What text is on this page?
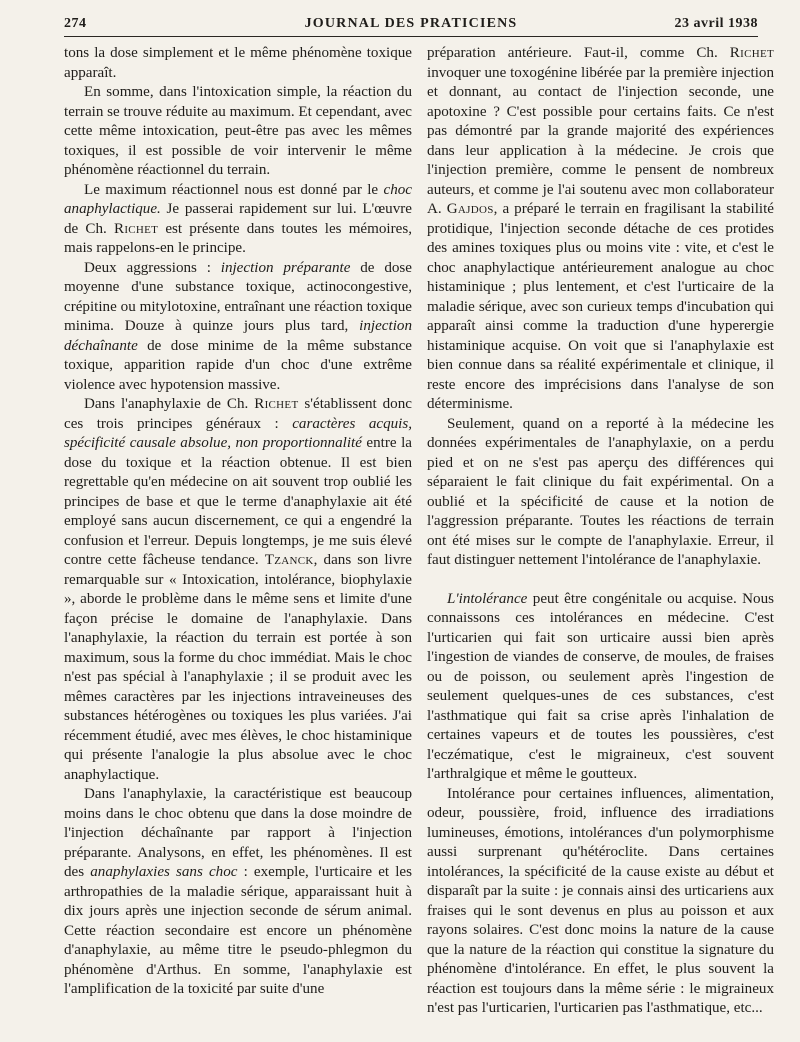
274	JOURNAL DES PRATICIENS	23 avril 1938

tons la dose simplement et le même phénomène toxique apparaît.

En somme, dans l'intoxication simple, la réaction du terrain se trouve réduite au maximum. Et cependant, avec cette même intoxication, peut-être pas avec les mêmes toxiques, il est possible de voir intervenir le même phénomène réactionnel du terrain.

Le maximum réactionnel nous est donné par le choc anaphylactique. Je passerai rapidement sur lui. L'œuvre de Ch. Richet est présente dans toutes les mémoires, mais rappelons-en le principe.

Deux aggressions : injection préparante de dose moyenne d'une substance toxique, actinocongestive, crépitine ou mitylotoxine, entraînant une réaction toxique minima. Douze à quinze jours plus tard, injection déchaînante de dose minime de la même substance toxique, apparition rapide d'un choc d'une extrême violence avec hypotension massive.

Dans l'anaphylaxie de Ch. Richet s'établissent donc ces trois principes généraux : caractères acquis, spécificité causale absolue, non proportionnalité entre la dose du toxique et la réaction obtenue. Il est bien regrettable qu'en médecine on ait souvent trop oublié les principes de base et que le terme d'anaphylaxie ait été employé sans aucun discernement, ce qui a engendré la confusion et l'erreur. Depuis longtemps, je me suis élevé contre cette fâcheuse tendance. Tzanck, dans son livre remarquable sur « Intoxication, intolérance, biophylaxie », aborde le problème dans le même sens et limite d'une façon précise le domaine de l'anaphylaxie. Dans l'anaphylaxie, la réaction du terrain est portée à son maximum, sous la forme du choc immédiat. Mais le choc n'est pas spécial à l'anaphylaxie ; il se produit avec les mêmes caractères par les injections intraveineuses des substances hétérogènes ou toxiques les plus variées. J'ai récemment étudié, avec mes élèves, le choc histaminique qui présente l'analogie la plus absolue avec le choc anaphylactique.

Dans l'anaphylaxie, la caractéristique est beaucoup moins dans le choc obtenu que dans la dose moindre de l'injection déchaînante par rapport à l'injection préparante. Analysons, en effet, les phénomènes. Il est des anaphylaxies sans choc : exemple, l'urticaire et les arthropathies de la maladie sérique, apparaissant huit à dix jours après une injection seconde de sérum animal. Cette réaction secondaire est encore un phénomène d'anaphylaxie, au même titre le pseudo-phlegmon du phénomène d'Arthus. En somme, l'anaphylaxie est l'amplification de la toxicité par suite d'une

préparation antérieure. Faut-il, comme Ch. Richet invoquer une toxogénine libérée par la première injection et donnant, au contact de l'injection seconde, une apotoxine ? C'est possible pour certains faits. Ce n'est pas démontré par la grande majorité des expériences dans leur application à la médecine. Je crois que l'injection première, comme le pensent de nombreux auteurs, et comme je l'ai soutenu avec mon collaborateur A. Gajdos, a préparé le terrain en fragilisant la stabilité protidique, l'injection seconde détache de ces protides des amines toxiques plus ou moins vite : vite, et c'est le choc anaphylactique antérieurement analogue au choc histaminique ; plus lentement, et c'est l'urticaire de la maladie sérique, avec son curieux temps d'incubation qui apparaît ainsi comme la traduction d'une hyperergie histaminique acquise. On voit que si l'anaphylaxie est bien connue dans sa réalité expérimentale et clinique, il reste encore des imprécisions dans l'analyse de son déterminisme.

Seulement, quand on a reporté à la médecine les données expérimentales de l'anaphylaxie, on a perdu pied et on ne s'est pas aperçu des différences qui séparaient le fait clinique du fait expérimental. On a oublié et la spécificité de cause et la notion de l'aggression préparante. Toutes les réactions de terrain ont été mises sur le compte de l'anaphylaxie. Erreur, il faut distinguer nettement l'intolérance de l'anaphylaxie.

L'intolérance peut être congénitale ou acquise. Nous connaissons ces intolérances en médecine. C'est l'urticarien qui fait son urticaire aussi bien après l'ingestion de viandes de conserve, de moules, de fraises ou de poisson, ou seulement après l'ingestion de seulement quelques-unes de ces substances, c'est l'asthmatique qui fait sa crise après l'inhalation de certaines vapeurs et de toutes les poussières, c'est l'eczématique, c'est le migraineux, c'est souvent l'arthralgique et même le goutteux.

Intolérance pour certaines influences, alimentation, odeur, poussière, froid, influence des irradiations lumineuses, émotions, intolérances d'un polymorphisme aussi surprenant qu'hétéroclite. Dans certaines intolérances, la spécificité de la cause existe au début et disparaît par la suite : je connais ainsi des urticariens aux fraises qui le sont devenus en plus au poisson et aux rayons solaires. C'est donc moins la nature de la cause que la nature de la réaction qui constitue la signature du phénomène d'intolérance. En effet, le plus souvent la réaction est toujours dans la même série : le migraineux n'est pas l'urticarien, l'urticarien pas l'asthmatique, etc...
